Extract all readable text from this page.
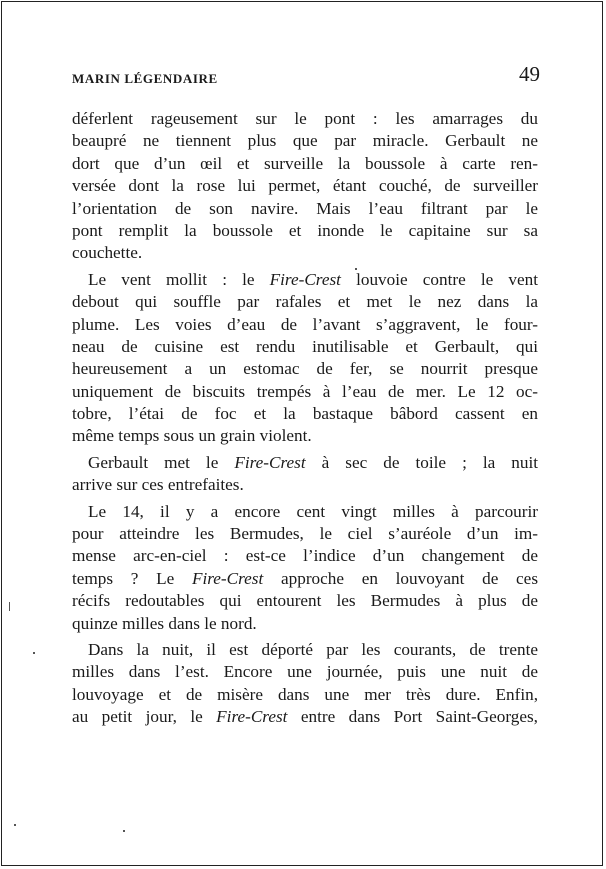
MARIN LÉGENDAIRE	49
déferlent rageusement sur le pont : les amarrages du
beaupré ne tiennent plus que par miracle. Gerbault ne
dort que d’un œil et surveille la boussole à carte ren-
versée dont la rose lui permet, étant couché, de surveiller
l’orientation de son navire. Mais l’eau filtrant par le
pont remplit la boussole et inonde le capitaine sur sa
couchette.
Le vent mollit : le Fire-Crest louvoie contre le vent
debout qui souffle par rafales et met le nez dans la
plume. Les voies d’eau de l’avant s’aggravent, le four-
neau de cuisine est rendu inutilisable et Gerbault, qui
heureusement a un estomac de fer, se nourrit presque
uniquement de biscuits trempés à l’eau de mer. Le 12 oc-
tobre, l’étai de foc et la bastaque bâbord cassent en
même temps sous un grain violent.
Gerbault met le Fire-Crest à sec de toile ; la nuit
arrive sur ces entrefaites.
Le 14, il y a encore cent vingt milles à parcourir
pour atteindre les Bermudes, le ciel s’auréole d’un im-
mense arc-en-ciel : est-ce l’indice d’un changement de
temps ? Le Fire-Crest approche en louvoyant de ces
récifs redoutables qui entourent les Bermudes à plus de
quinze milles dans le nord.
Dans la nuit, il est déporté par les courants, de trente
milles dans l’est. Encore une journée, puis une nuit de
louvoyage et de misère dans une mer très dure. Enfin,
au petit jour, le Fire-Crest entre dans Port Saint-Georges,
